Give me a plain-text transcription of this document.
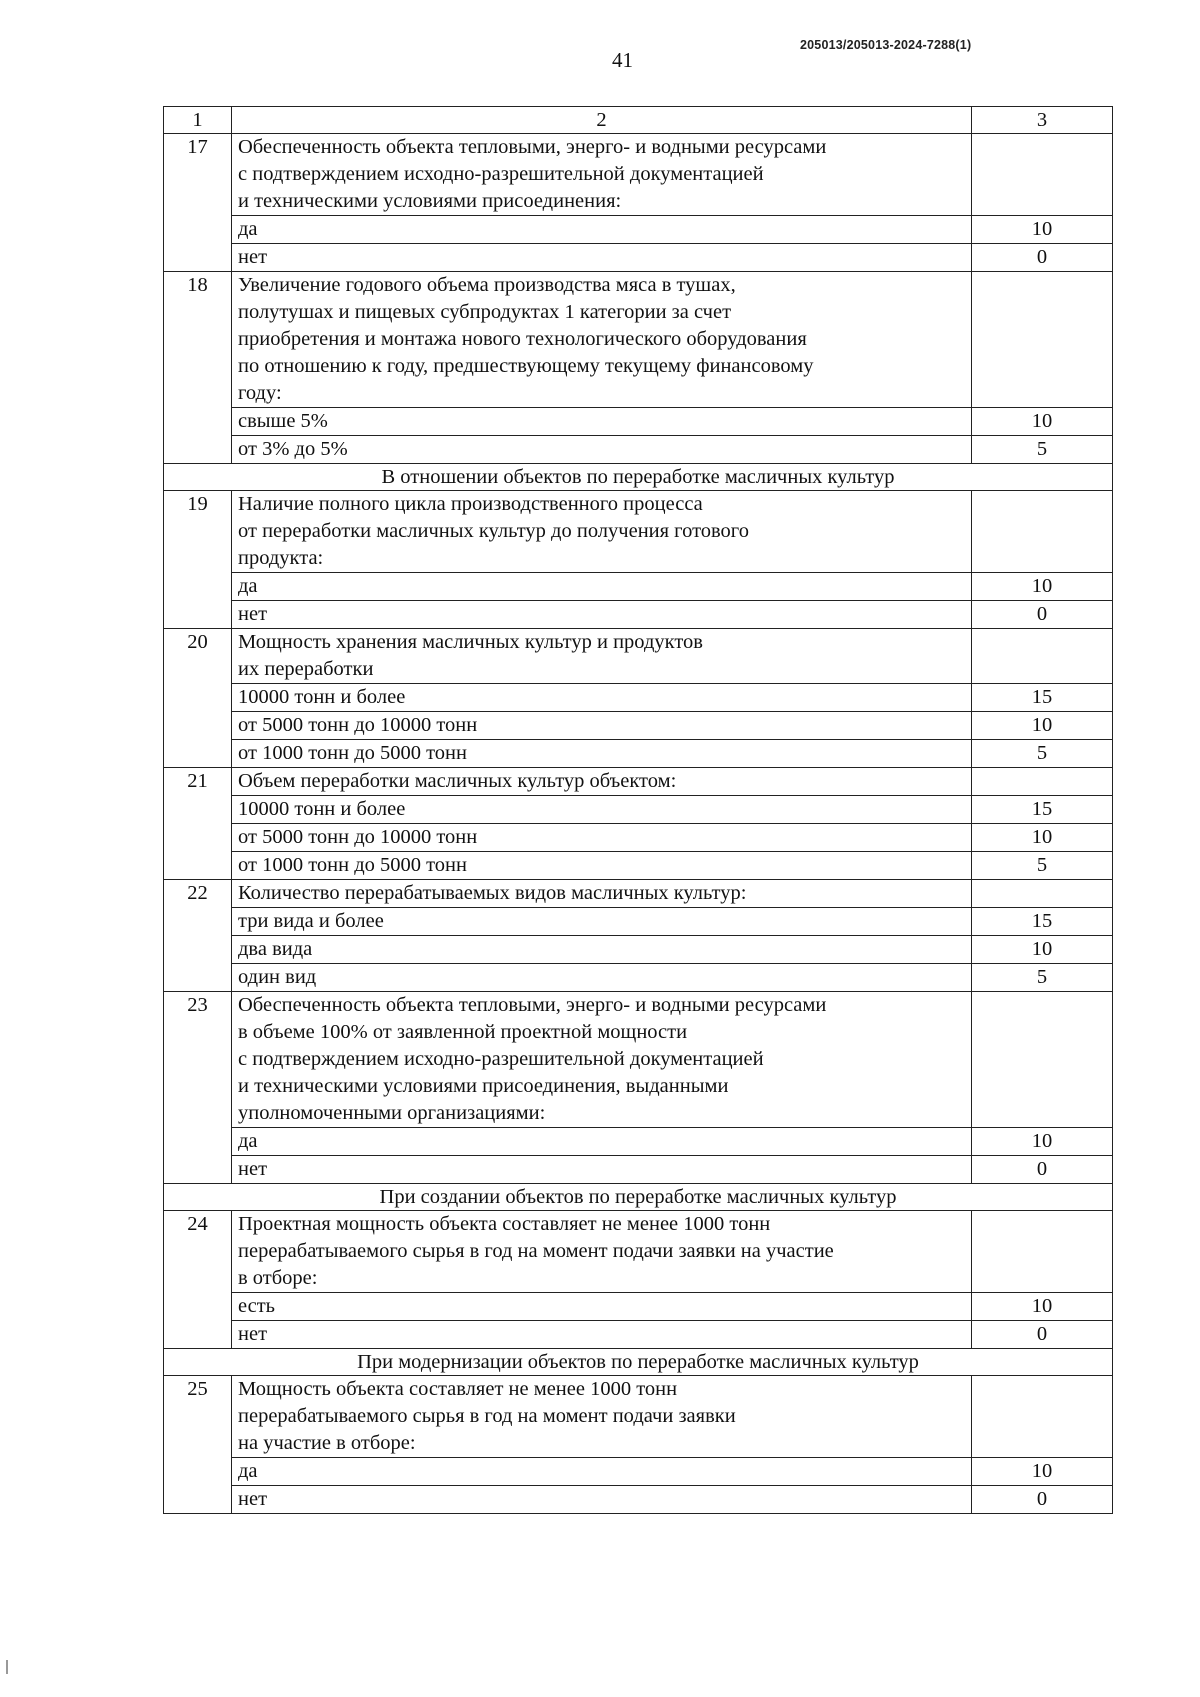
41
205013/205013-2024-7288(1)
1	2	3
17	Обеспеченность объекта тепловыми, энерго- и водными ресурсами
с подтверждением исходно-разрешительной документацией
и техническими условиями присоединения:	
	да	10
	нет	0
18	Увеличение годового объема производства мяса в тушах,
полутушах и пищевых субпродуктах 1 категории за счет
приобретения и монтажа нового технологического оборудования
по отношению к году, предшествующему текущему финансовому
году:	
	свыше 5%	10
	от 3% до 5%	5
В отношении объектов по переработке масличных культур		
19	Наличие полного цикла производственного процесса
от переработки масличных культур до получения готового
продукта:	
	да	10
	нет	0
20	Мощность хранения масличных культур и продуктов
их переработки	
	10000 тонн и более	15
	от 5000 тонн до 10000 тонн	10
	от 1000 тонн до 5000 тонн	5
21	Объем переработки масличных культур объектом:	
	10000 тонн и более	15
	от 5000 тонн до 10000 тонн	10
	от 1000 тонн до 5000 тонн	5
22	Количество перерабатываемых видов масличных культур:	
	три вида и более	15
	два вида	10
	один вид	5
23	Обеспеченность объекта тепловыми, энерго- и водными ресурсами
в объеме 100% от заявленной проектной мощности
с подтверждением исходно-разрешительной документацией
и техническими условиями присоединения, выданными
уполномоченными организациями:	
	да	10
	нет	0
При создании объектов по переработке масличных культур		
24	Проектная мощность объекта составляет не менее 1000 тонн
перерабатываемого сырья в год на момент подачи заявки на участие
в отборе:	
	есть	10
	нет	0
При модернизации объектов по переработке масличных культур		
25	Мощность объекта составляет не менее 1000 тонн
перерабатываемого сырья в год на момент подачи заявки
на участие в отборе:	
	да	10
	нет	0
